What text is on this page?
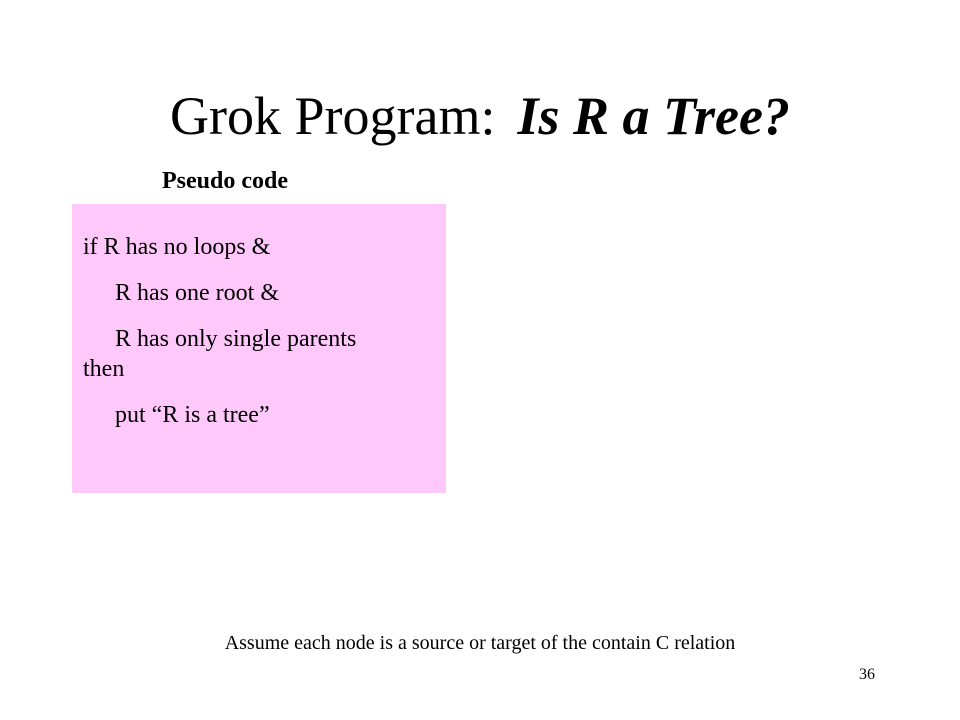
Grok Program: Is R a Tree?
Pseudo code
if R has no loops &
R has one root &
R has only single parents
then
put “R is a tree”
Assume each node is a source or target of the contain C relation
36
